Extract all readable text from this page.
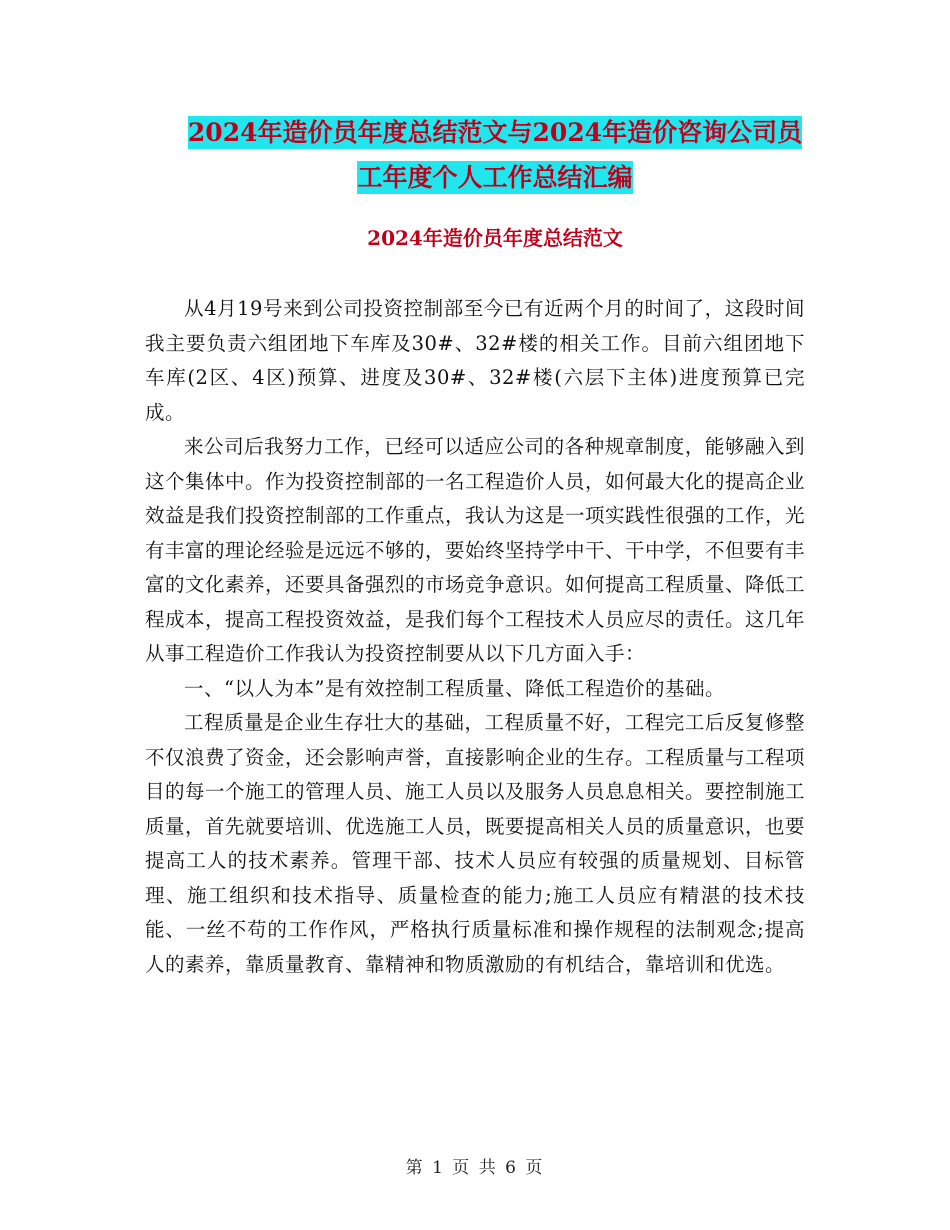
2024年造价员年度总结范文与2024年造价咨询公司员
工年度个人工作总结汇编
2024年造价员年度总结范文

从4月19号来到公司投资控制部至今已有近两个月的时间了，这段时间我主要负责六组团地下车库及30#、32#楼的相关工作。目前六组团地下车库(2区、4区)预算、进度及30#、32#楼(六层下主体)进度预算已完成。

来公司后我努力工作，已经可以适应公司的各种规章制度，能够融入到这个集体中。作为投资控制部的一名工程造价人员，如何最大化的提高企业效益是我们投资控制部的工作重点，我认为这是一项实践性很强的工作，光有丰富的理论经验是远远不够的，要始终坚持学中干、干中学，不但要有丰富的文化素养，还要具备强烈的市场竞争意识。如何提高工程质量、降低工程成本，提高工程投资效益，是我们每个工程技术人员应尽的责任。这几年从事工程造价工作我认为投资控制要从以下几方面入手：

一、“以人为本”是有效控制工程质量、降低工程造价的基础。

工程质量是企业生存壮大的基础，工程质量不好，工程完工后反复修整不仅浪费了资金，还会影响声誉，直接影响企业的生存。工程质量与工程项目的每一个施工的管理人员、施工人员以及服务人员息息相关。要控制施工质量，首先就要培训、优选施工人员，既要提高相关人员的质量意识，也要提高工人的技术素养。管理干部、技术人员应有较强的质量规划、目标管理、施工组织和技术指导、质量检查的能力;施工人员应有精湛的技术技能、一丝不苟的工作作风，严格执行质量标准和操作规程的法制观念;提高人的素养，靠质量教育、靠精神和物质激励的有机结合，靠培训和优选。

第 1 页 共 6 页
